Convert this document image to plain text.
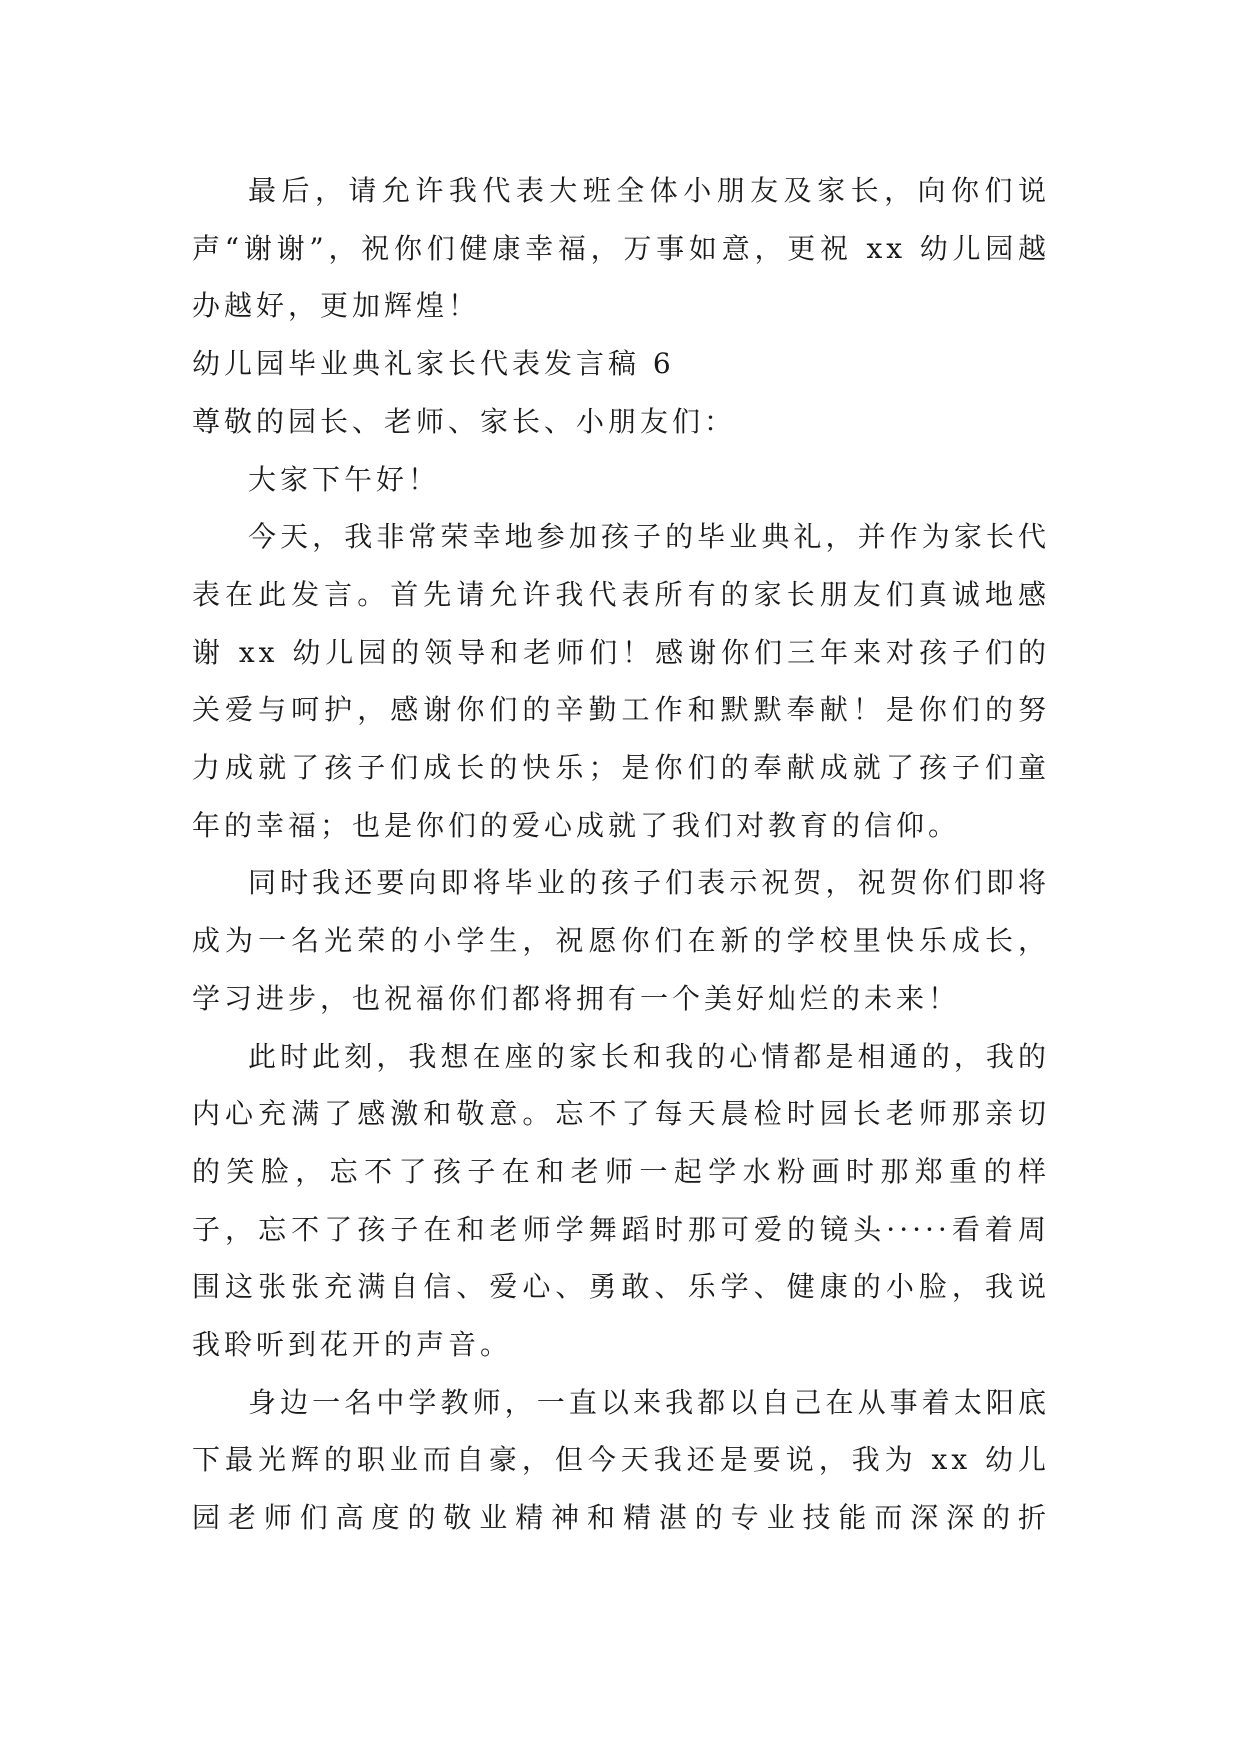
最后，请允许我代表大班全体小朋友及家长，向你们说声“谢谢”，祝你们健康幸福，万事如意，更祝 xx 幼儿园越办越好，更加辉煌！

幼儿园毕业典礼家长代表发言稿 6

尊敬的园长、老师、家长、小朋友们：

大家下午好！

今天，我非常荣幸地参加孩子的毕业典礼，并作为家长代表在此发言。首先请允许我代表所有的家长朋友们真诚地感谢 xx 幼儿园的领导和老师们！感谢你们三年来对孩子们的关爱与呵护，感谢你们的辛勤工作和默默奉献！是你们的努力成就了孩子们成长的快乐；是你们的奉献成就了孩子们童年的幸福；也是你们的爱心成就了我们对教育的信仰。

同时我还要向即将毕业的孩子们表示祝贺，祝贺你们即将成为一名光荣的小学生，祝愿你们在新的学校里快乐成长，学习进步，也祝福你们都将拥有一个美好灿烂的未来！

此时此刻，我想在座的家长和我的心情都是相通的，我的内心充满了感激和敬意。忘不了每天晨检时园长老师那亲切的笑脸，忘不了孩子在和老师一起学水粉画时那郑重的样子，忘不了孩子在和老师学舞蹈时那可爱的镜头·····看着周围这张张充满自信、爱心、勇敢、乐学、健康的小脸，我说我聆听到花开的声音。

身边一名中学教师，一直以来我都以自己在从事着太阳底下最光辉的职业而自豪，但今天我还是要说，我为 xx 幼儿园老师们高度的敬业精神和精湛的专业技能而深深的折
